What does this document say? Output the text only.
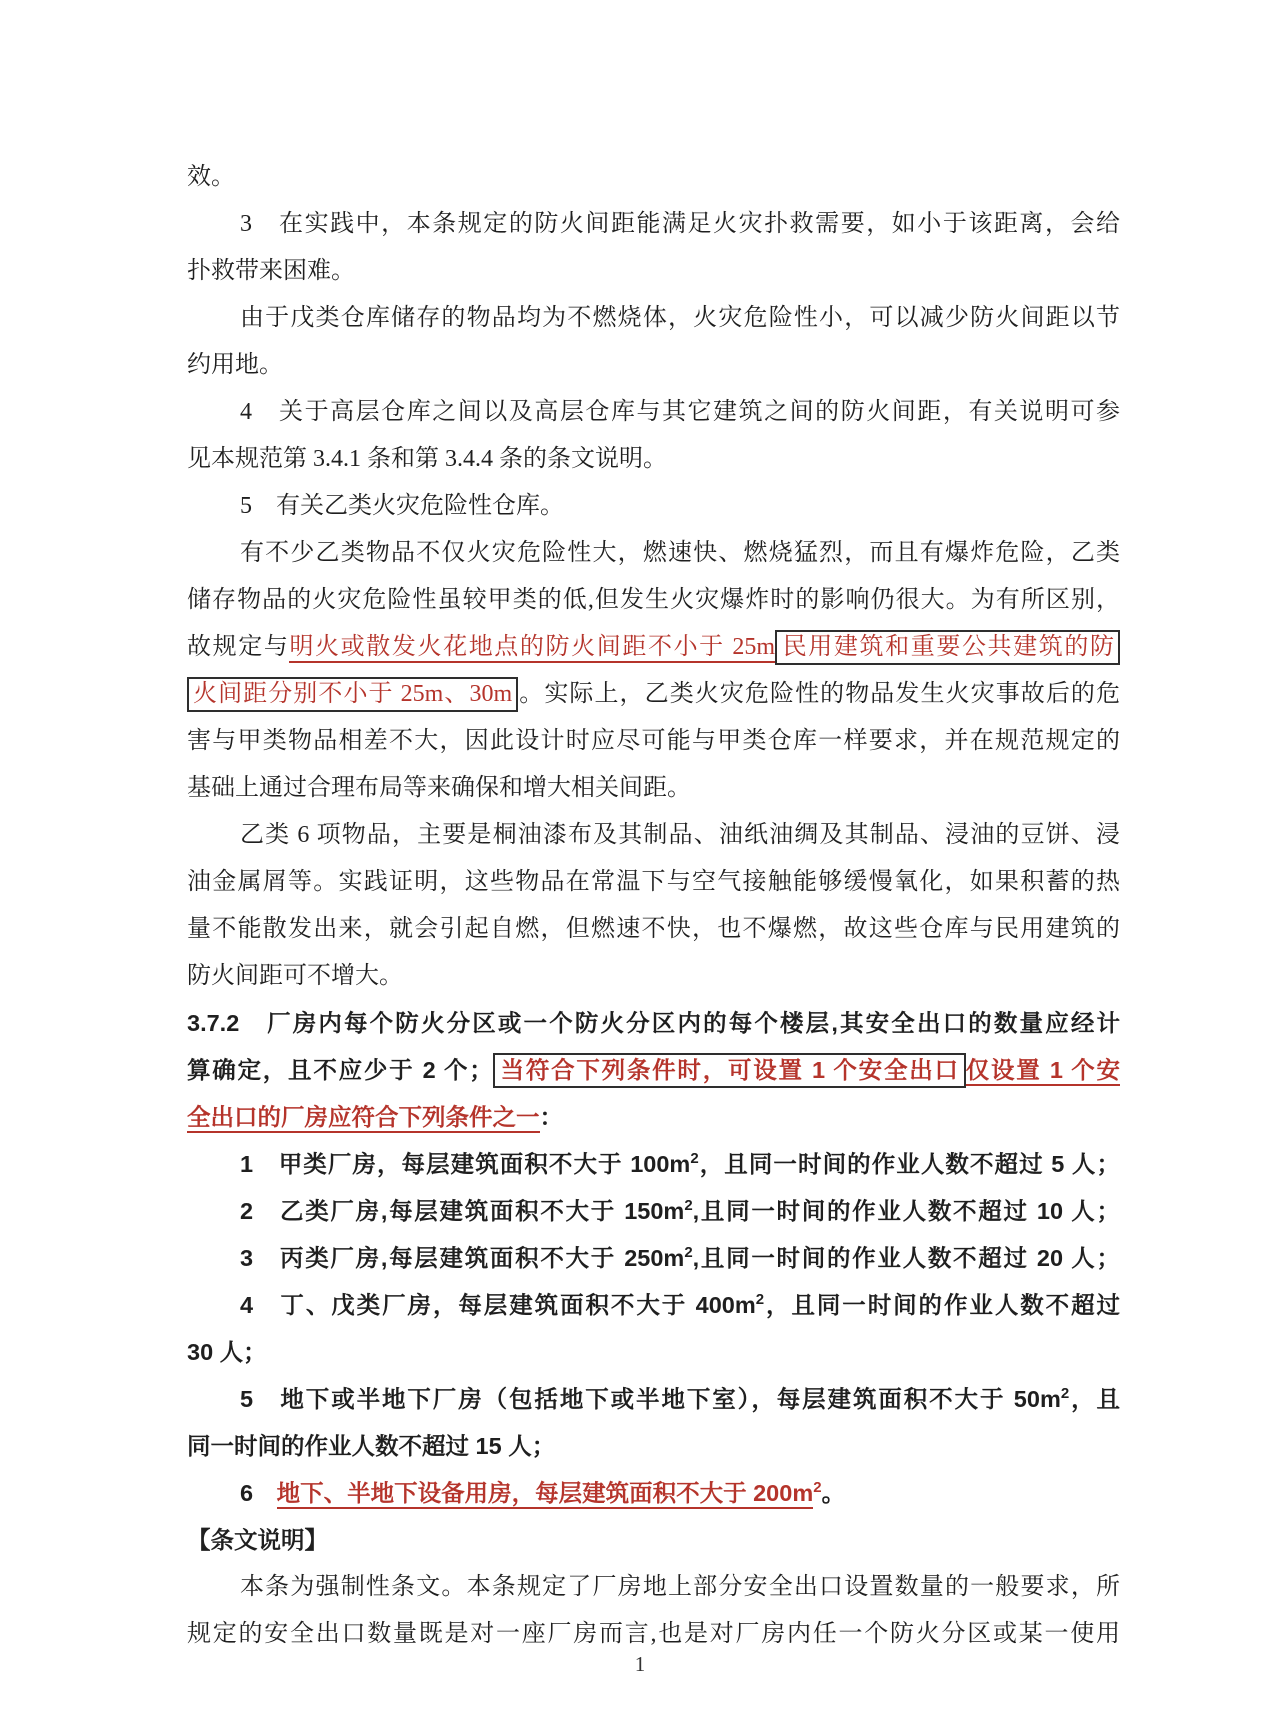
效。
3　在实践中，本条规定的防火间距能满足火灾扑救需要，如小于该距离，会给
扑救带来困难。
由于戊类仓库储存的物品均为不燃烧体，火灾危险性小，可以减少防火间距以节
约用地。
4　关于高层仓库之间以及高层仓库与其它建筑之间的防火间距，有关说明可参
见本规范第 3.4.1 条和第 3.4.4 条的条文说明。
5　有关乙类火灾危险性仓库。
有不少乙类物品不仅火灾危险性大，燃速快、燃烧猛烈，而且有爆炸危险，乙类
储存物品的火灾危险性虽较甲类的低,但发生火灾爆炸时的影响仍很大。为有所区别，
故规定与明火或散发火花地点的防火间距不小于 25m 民用建筑和重要公共建筑的防
火间距分别不小于 25m、30m 。实际上，乙类火灾危险性的物品发生火灾事故后的危
害与甲类物品相差不大，因此设计时应尽可能与甲类仓库一样要求，并在规范规定的
基础上通过合理布局等来确保和增大相关间距。
乙类 6 项物品，主要是桐油漆布及其制品、油纸油绸及其制品、浸油的豆饼、浸
油金属屑等。实践证明，这些物品在常温下与空气接触能够缓慢氧化，如果积蓄的热
量不能散发出来，就会引起自燃，但燃速不快，也不爆燃，故这些仓库与民用建筑的
防火间距可不增大。
3.7.2　厂房内每个防火分区或一个防火分区内的每个楼层,其安全出口的数量应经计
算确定，且不应少于 2 个； 当符合下列条件时，可设置 1 个安全出口 仅设置 1 个安
全出口的厂房应符合下列条件之一：
1　甲类厂房，每层建筑面积不大于 $100m^2$，且同一时间的作业人数不超过 5 人；
2　乙类厂房,每层建筑面积不大于 $150m^2$,且同一时间的作业人数不超过 10 人；
3　丙类厂房,每层建筑面积不大于 $250m^2$,且同一时间的作业人数不超过 20 人；
4　丁、戊类厂房，每层建筑面积不大于 $400m^2$，且同一时间的作业人数不超过
30 人；
5　地下或半地下厂房（包括地下或半地下室），每层建筑面积不大于 $50m^2$，且
同一时间的作业人数不超过 15 人；
6　地下、半地下设备用房，每层建筑面积不大于 $200m^2$。
【条文说明】
本条为强制性条文。本条规定了厂房地上部分安全出口设置数量的一般要求，所
规定的安全出口数量既是对一座厂房而言,也是对厂房内任一个防火分区或某一使用
1
